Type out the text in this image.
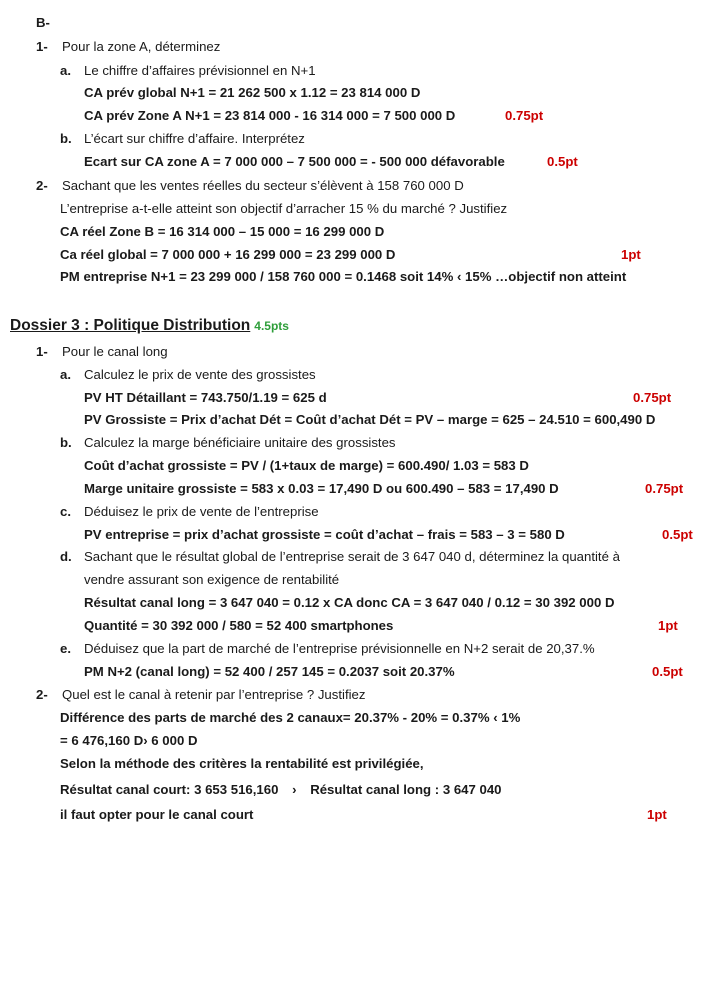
B-
1- Pour la zone A, déterminez
a. Le chiffre d’affaires prévisionnel en N+1
CA prév global N+1 = 21 262 500 x 1.12 = 23 814 000 D
CA prév Zone A N+1 = 23 814 000 - 16 314 000 = 7 500 000 D	0.75pt
b. L’écart sur chiffre d’affaire. Interprétez
Ecart sur CA zone A = 7 000 000 – 7 500 000 = - 500 000 défavorable	0.5pt
2- Sachant que les ventes réelles du secteur s’élèvent à 158 760 000 D
L’entreprise a-t-elle atteint son objectif d’arracher 15 % du marché ? Justifiez
CA réel Zone B = 16 314 000 – 15 000 = 16 299 000 D
Ca réel global = 7 000 000 + 16 299 000 = 23 299 000 D	1pt
PM entreprise N+1 = 23 299 000 / 158 760 000 = 0.1468 soit 14% ‹ 15% …objectif non atteint
Dossier 3 : Politique Distribution 4.5pts
1- Pour le canal long
a. Calculez le prix de vente des grossistes
PV HT Détaillant = 743.750/1.19 = 625 d	0.75pt
PV Grossiste = Prix d’achat Dét = Coût d’achat Dét = PV – marge = 625 – 24.510 = 600,490 D
b. Calculez la marge bénéficiaire unitaire des grossistes
Coût d’achat grossiste = PV / (1+taux de marge) = 600.490/ 1.03 = 583 D
Marge unitaire grossiste = 583 x 0.03 = 17,490 D ou 600.490 – 583 = 17,490 D	0.75pt
c. Déduisez le prix de vente de l’entreprise
PV entreprise = prix d’achat grossiste = coût d’achat – frais = 583 – 3 = 580 D	0.5pt
d. Sachant que le résultat global de l’entreprise serait de 3 647 040 d, déterminez la quantité à
vendre assurant son exigence de rentabilité
Résultat canal long = 3 647 040 = 0.12 x CA donc CA = 3 647 040 / 0.12 = 30 392 000 D
Quantité = 30 392 000 / 580 = 52 400 smartphones	1pt
e. Déduisez que la part de marché de l’entreprise prévisionnelle en N+2 serait de 20,37.%
PM N+2 (canal long) = 52 400 / 257 145 = 0.2037 soit 20.37%	0.5pt
2- Quel est le canal à retenir par l’entreprise ? Justifiez
Différence des parts de marché des 2 canaux= 20.37% - 20% = 0.37% ‹ 1%
= 6 476,160 D› 6 000 D
Selon la méthode des critères la rentabilité est privilégiée,
Résultat canal court: 3 653 516,160 › Résultat canal long : 3 647 040
il faut opter pour le canal court	1pt
